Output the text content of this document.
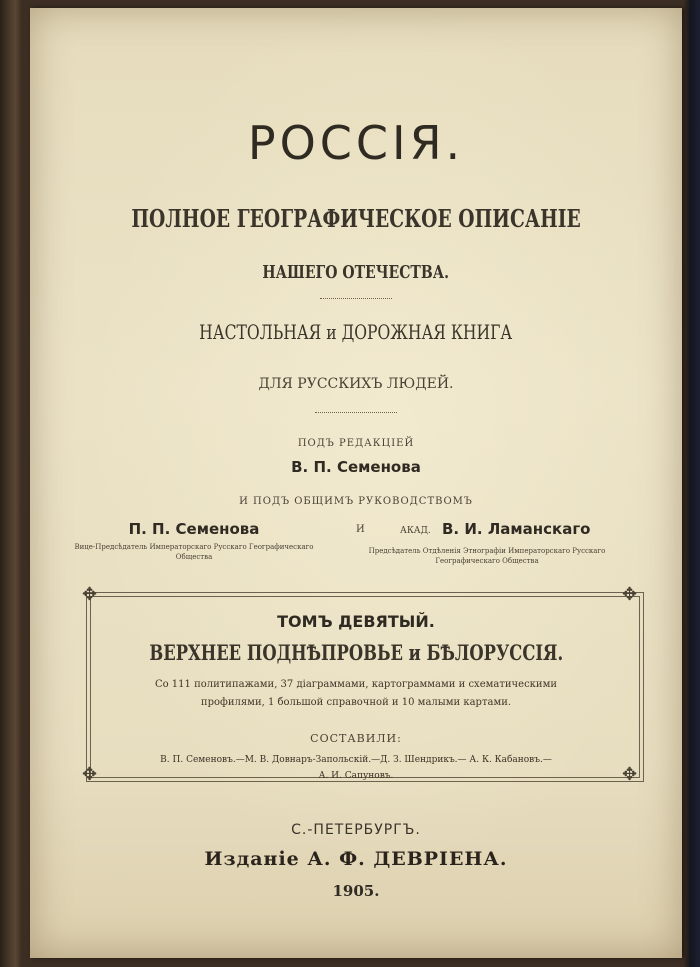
РОССІЯ.
ПОЛНОЕ ГЕОГРАФИЧЕСКОЕ ОПИСАНІЕ
НАШЕГО ОТЕЧЕСТВА.
НАСТОЛЬНАЯ и ДОРОЖНАЯ КНИГА
ДЛЯ РУССКИХЪ ЛЮДЕЙ.
ПОДЪ РЕДАКЦІЕЙ
В. П. Семенова
И ПОДЪ ОБЩИМЪ РУКОВОДСТВОМЪ
П. П. Семенова
Вице-Предсѣдатель Императорскаго Русскаго Географическаго Общества
И	АКАД. В. И. Ламанскаго
Предсѣдатель Отдѣленія Этнографіи Императорскаго Русскаго Географическаго Общества
✥	✥
✥	✥
ТОМЪ ДЕВЯТЫЙ.
ВЕРХНЕЕ ПОДНѢПРОВЬЕ и БѢЛОРУССІЯ.
Со 111 политипажами, 37 діаграммами, картограммами и схематическими профилями, 1 большой справочной и 10 малыми картами.
СОСТАВИЛИ:
В. П. Семеновъ.—М. В. Довнаръ-Запольскій.—Д. З. Шендрикъ.— А. К. Кабановъ.—А. И. Сапуновъ.
С.-ПЕТЕРБУРГЪ.
Изданіе А. Ф. ДЕВРІЕНА.
1905.
